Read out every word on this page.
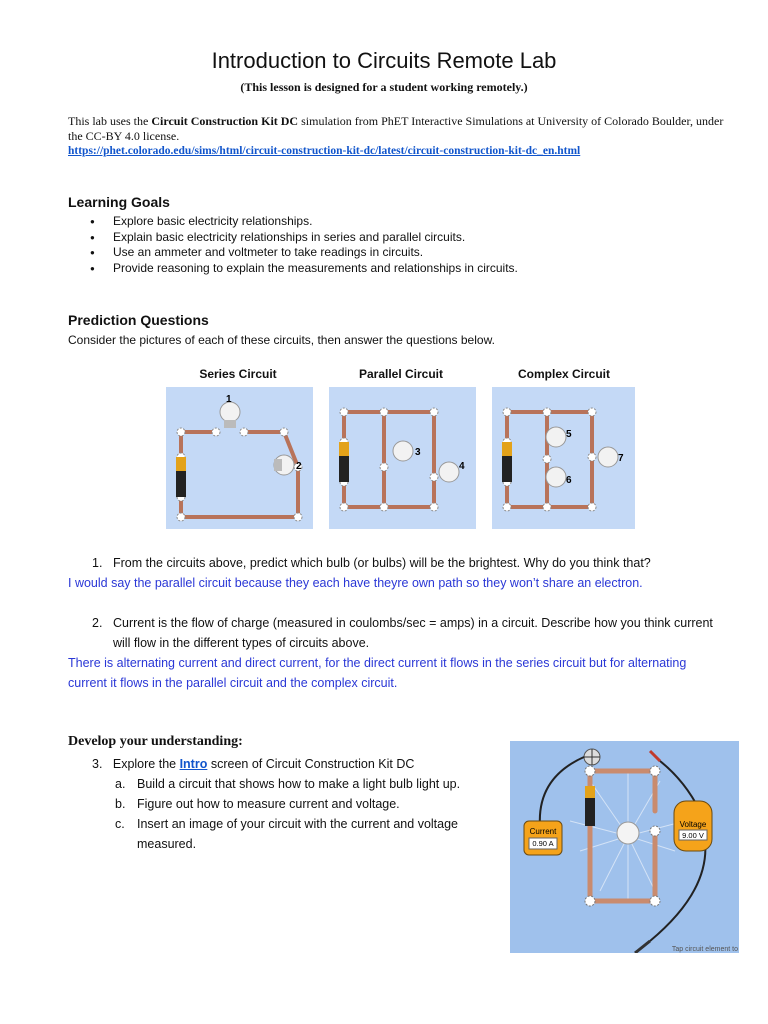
Introduction to Circuits Remote Lab
(This lesson is designed for a student working remotely.)
This lab uses the Circuit Construction Kit DC simulation from PhET Interactive Simulations at University of Colorado Boulder, under the CC-BY 4.0 license.
https://phet.colorado.edu/sims/html/circuit-construction-kit-dc/latest/circuit-construction-kit-dc_en.html
Learning Goals
● Explore basic electricity relationships.
● Explain basic electricity relationships in series and parallel circuits.
● Use an ammeter and voltmeter to take readings in circuits.
● Provide reasoning to explain the measurements and relationships in circuits.
Prediction Questions
Consider the pictures of each of these circuits, then answer the questions below.
Series Circuit	Parallel Circuit	Complex Circuit
1
2
3
4
5
6
7
1. From the circuits above, predict which bulb (or bulbs) will be the brightest. Why do you think that?
I would say the parallel circuit because they each have theyre own path so they won’t share an electron.
2. Current is the flow of charge (measured in coulombs/sec = amps) in a circuit. Describe how you think current will flow in the different types of circuits above.
There is alternating current and direct current, for the direct current it flows in the series circuit but for alternating current it flows in the parallel circuit and the complex circuit.
Develop your understanding:
3. Explore the Intro screen of Circuit Construction Kit DC
a. Build a circuit that shows how to make a light bulb light up.
b. Figure out how to measure current and voltage.
c. Insert an image of your circuit with the current and voltage measured.
Current
0.90 A
Voltage
9.00 V
Tap circuit element to
